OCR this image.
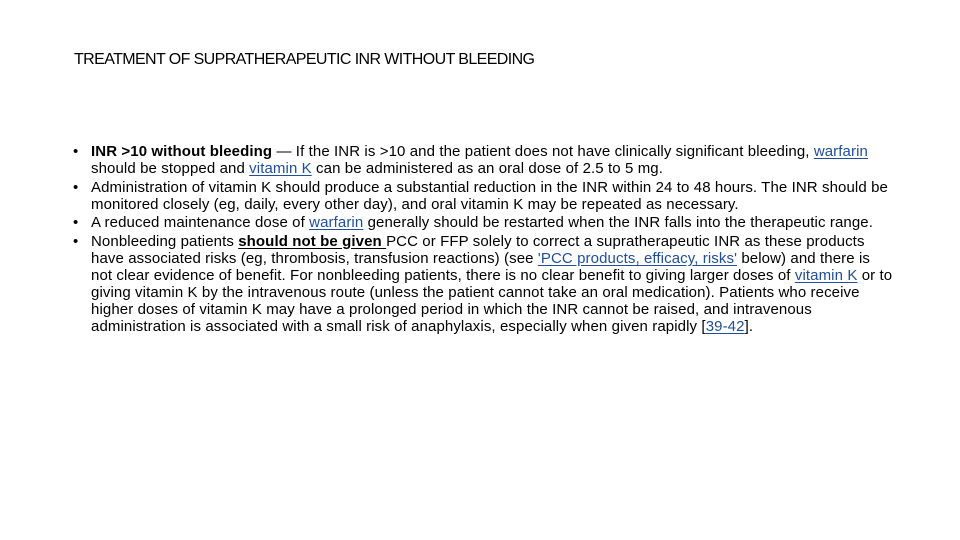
TREATMENT OF SUPRATHERAPEUTIC INR WITHOUT BLEEDING
• INR >10 without bleeding — If the INR is >10 and the patient does not have clinically significant bleeding, warfarin should be stopped and vitamin K can be administered as an oral dose of 2.5 to 5 mg.
• Administration of vitamin K should produce a substantial reduction in the INR within 24 to 48 hours. The INR should be monitored closely (eg, daily, every other day), and oral vitamin K may be repeated as necessary.
• A reduced maintenance dose of warfarin generally should be restarted when the INR falls into the therapeutic range.
• Nonbleeding patients should not be given PCC or FFP solely to correct a supratherapeutic INR as these products have associated risks (eg, thrombosis, transfusion reactions) (see 'PCC products, efficacy, risks' below) and there is not clear evidence of benefit. For nonbleeding patients, there is no clear benefit to giving larger doses of vitamin K or to giving vitamin K by the intravenous route (unless the patient cannot take an oral medication). Patients who receive higher doses of vitamin K may have a prolonged period in which the INR cannot be raised, and intravenous administration is associated with a small risk of anaphylaxis, especially when given rapidly [39-42].
